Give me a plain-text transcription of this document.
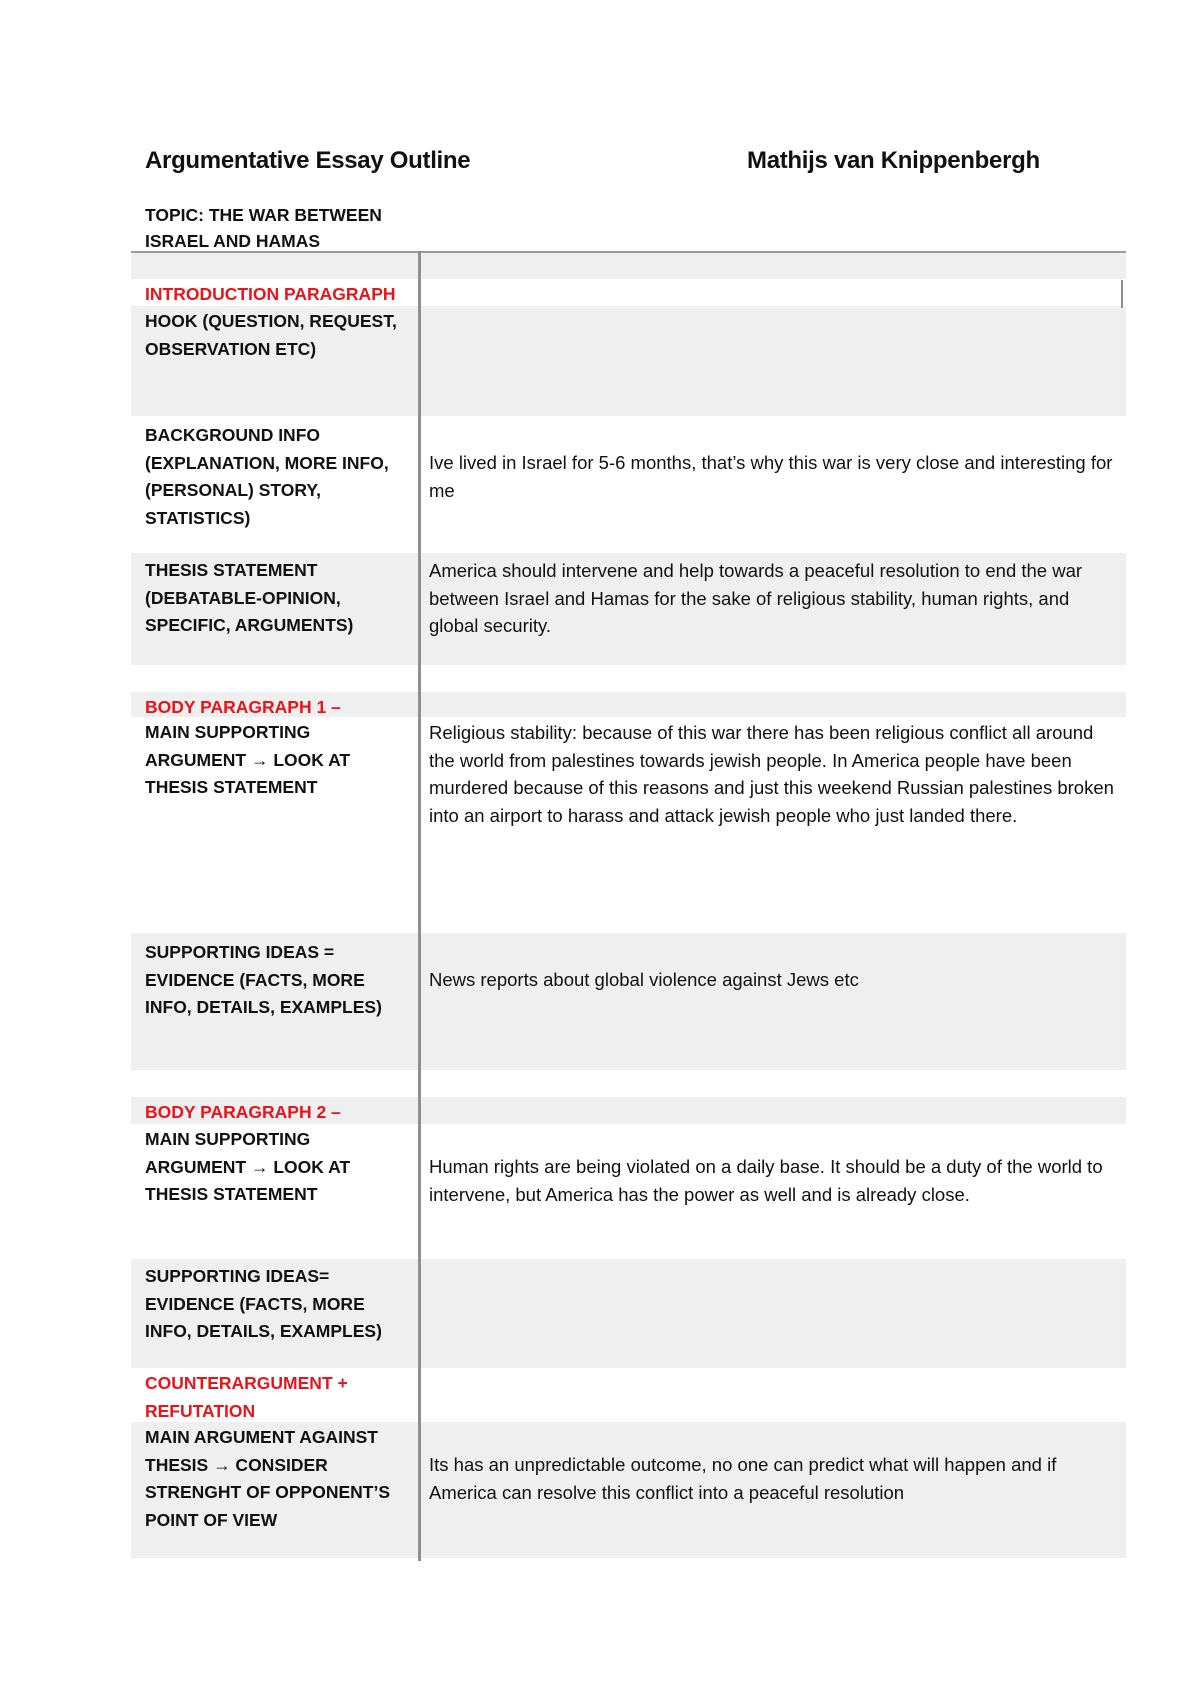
Argumentative Essay Outline	Mathijs van Knippenbergh
TOPIC: THE WAR BETWEEN ISRAEL AND HAMAS
INTRODUCTION PARAGRAPH
HOOK (QUESTION, REQUEST,
OBSERVATION ETC)
BACKGROUND INFO
(EXPLANATION, MORE INFO,
(PERSONAL) STORY,
STATISTICS)
Ive lived in Israel for 5-6 months, that’s why this war is very close and interesting for me
THESIS STATEMENT
(DEBATABLE-OPINION,
SPECIFIC, ARGUMENTS)
America should intervene and help towards a peaceful resolution to end the war between Israel and Hamas for the sake of religious stability, human rights, and global security.
BODY PARAGRAPH 1 –
MAIN SUPPORTING
ARGUMENT → LOOK AT
THESIS STATEMENT
Religious stability: because of this war there has been religious conflict all around the world from palestines towards jewish people. In America people have been murdered because of this reasons and just this weekend Russian palestines broken into an airport to harass and attack jewish people who just landed there.
SUPPORTING IDEAS =
EVIDENCE (FACTS, MORE
INFO, DETAILS, EXAMPLES)
News reports about global violence against Jews etc
BODY PARAGRAPH 2 –
MAIN SUPPORTING
ARGUMENT → LOOK AT
THESIS STATEMENT
Human rights are being violated on a daily base. It should be a duty of the world to intervene, but America has the power as well and is already close.
SUPPORTING IDEAS=
EVIDENCE (FACTS, MORE
INFO, DETAILS, EXAMPLES)
COUNTERARGUMENT + REFUTATION
MAIN ARGUMENT AGAINST
THESIS → CONSIDER
STRENGHT OF OPPONENT’S
POINT OF VIEW
Its has an unpredictable outcome, no one can predict what will happen and if America can resolve this conflict into a peaceful resolution
